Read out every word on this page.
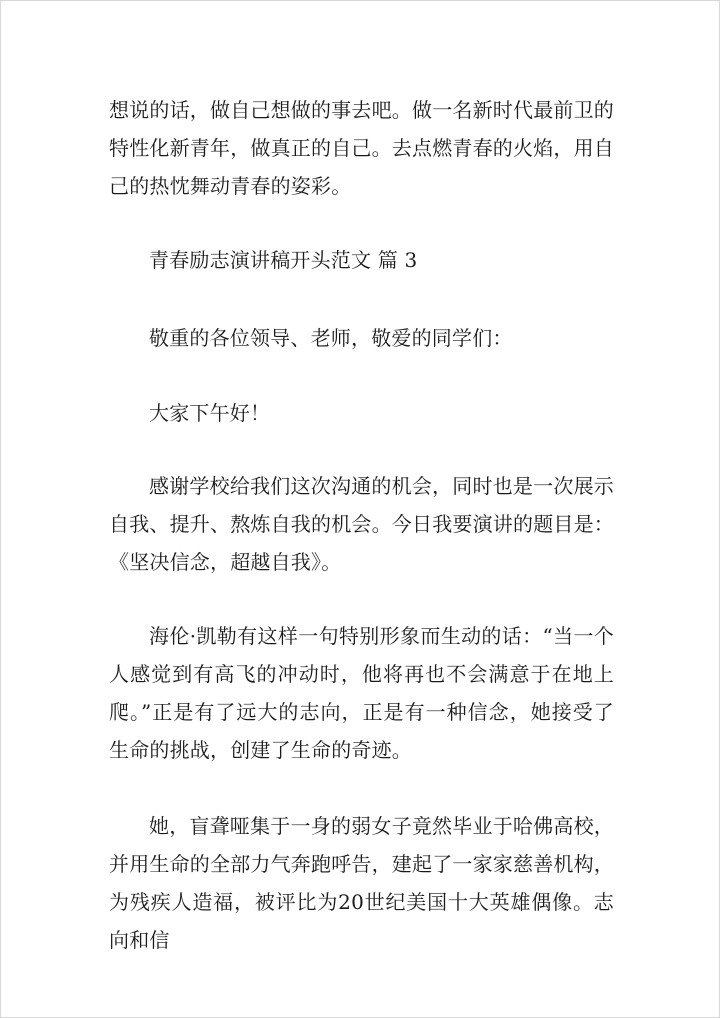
想说的话，做自己想做的事去吧。做一名新时代最前卫的特性化新青年，做真正的自己。去点燃青春的火焰，用自己的热忱舞动青春的姿彩。

青春励志演讲稿开头范文 篇 3

敬重的各位领导、老师，敬爱的同学们：

大家下午好！

感谢学校给我们这次沟通的机会，同时也是一次展示自我、提升、熬炼自我的机会。今日我要演讲的题目是：《坚决信念，超越自我》。

海伦·凯勒有这样一句特别形象而生动的话：“当一个人感觉到有高飞的冲动时，他将再也不会满意于在地上爬。”正是有了远大的志向，正是有一种信念，她接受了生命的挑战，创建了生命的奇迹。

她，盲聋哑集于一身的弱女子竟然毕业于哈佛高校，并用生命的全部力气奔跑呼告，建起了一家家慈善机构，为残疾人造福，被评比为20世纪美国十大英雄偶像。志向和信
